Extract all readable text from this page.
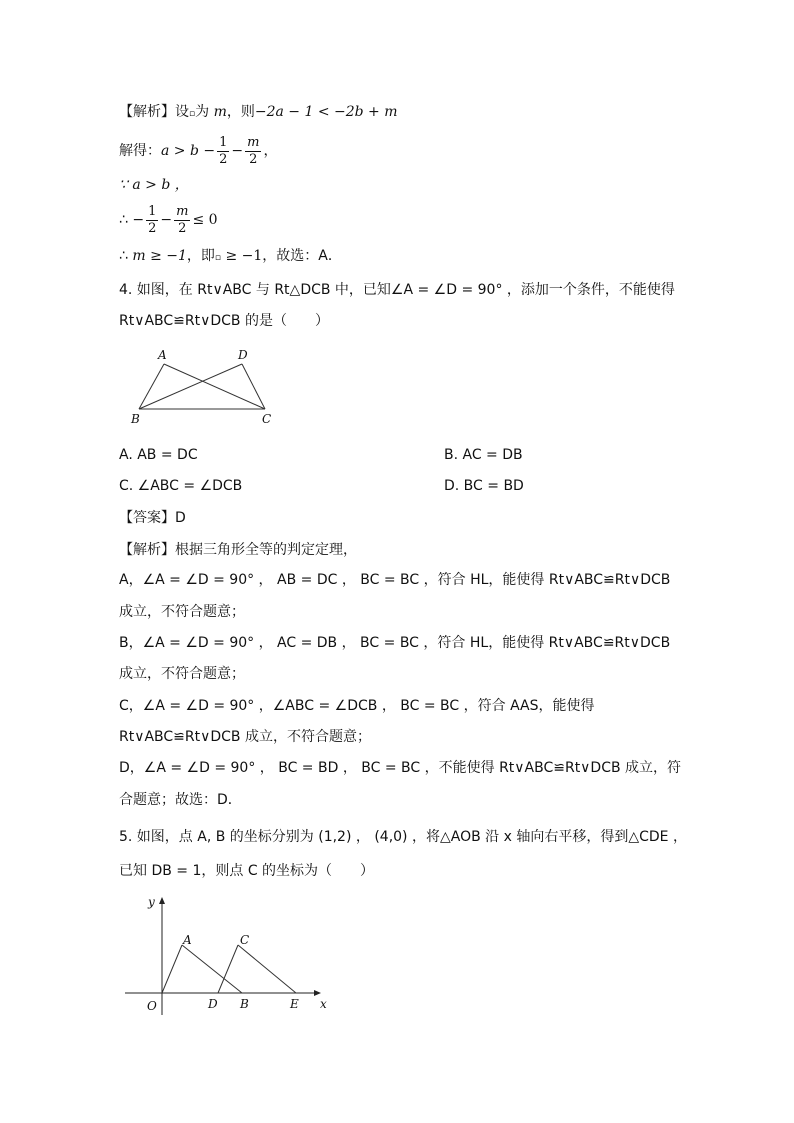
【解析】设▫为 m，则−2a − 1 < −2b + m
解得：$a > b - \frac{1}{2} - \frac{m}{2}$ ，
∵ a > b ，
∴ − $\frac{1}{2} - \frac{m}{2} \le 0$
∴ m ≥ −1，即▫ ≥ −1，故选：A．
4. 如图，在 Rt∨ABC 与 Rt△DCB 中，已知∠A = ∠D = 90° ，添加一个条件，不能使得
Rt∨ABC≌Rt∨DCB 的是（　　）
A	D
B	C
A. AB = DC	B. AC = DB
C. ∠ABC = ∠DCB	D. BC = BD
【答案】D
【解析】根据三角形全等的判定定理，
A，∠A = ∠D = 90° ， AB = DC ， BC = BC ，符合 HL，能使得 Rt∨ABC≌Rt∨DCB
成立，不符合题意；
B，∠A = ∠D = 90° ， AC = DB ， BC = BC ，符合 HL，能使得 Rt∨ABC≌Rt∨DCB
成立，不符合题意；
C，∠A = ∠D = 90° ，∠ABC = ∠DCB ， BC = BC ，符合 AAS，能使得
Rt∨ABC≌Rt∨DCB 成立，不符合题意；
D，∠A = ∠D = 90° ， BC = BD ， BC = BC ，不能使得 Rt∨ABC≌Rt∨DCB 成立，符
合题意；故选：D．
5. 如图，点 A, B 的坐标分别为 (1,2) ， (4,0) ，将△AOB 沿 x 轴向右平移，得到△CDE ，
已知 DB = 1，则点 C 的坐标为（　　）
y
x
O
A	C
D B	E
